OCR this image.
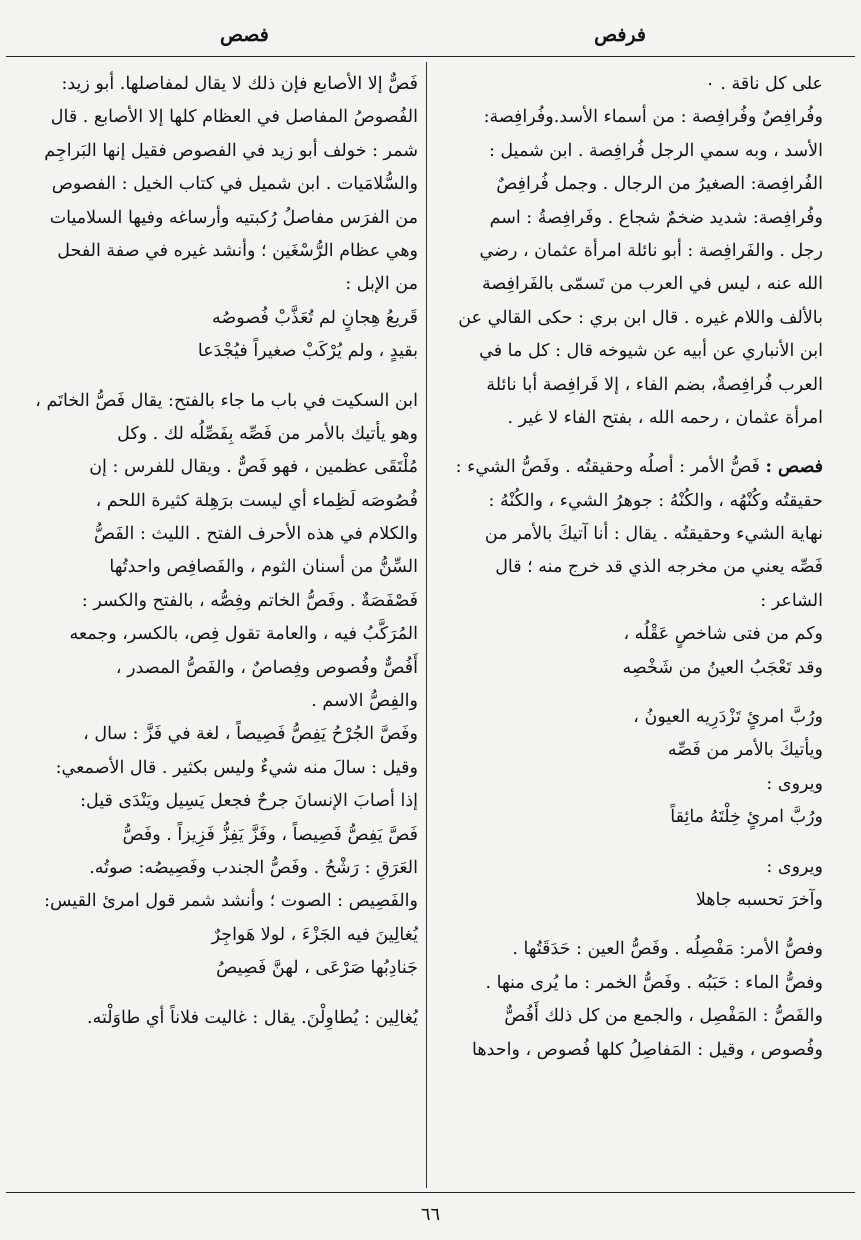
فرفص
فصص
على كل ناقة . ٠
وفُرافِصٌ وفُرافِصة : من أسماء الأسد.وفُرافِصة:
الأسد ، وبه سمي الرجل فُرافِصة . ابن شميل :
الفُرافِصة: الصغيرُ من الرجال . وجمل فُرافِصٌ
وفُرافِصة: شديد ضخمٌ شجاع . وفَرافِصةُ : اسم
رجل . والفَرافِصة : أبو نائلة امرأة عثمان ، رضي
الله عنه ، ليس في العرب من تَسمّى بالفَرافِصة
بالألف واللام غيره . قال ابن بري : حكى القالي عن
ابن الأنباري عن أبيه عن شيوخه قال : كل ما في
العرب فُرافِصةٌ، بضم الفاء ، إلا فَرافِصة أبا نائلة
امرأة عثمان ، رحمه الله ، بفتح الفاء لا غير .
فصص : فَصُّ الأمر : أصلُه وحقيقتُه . وفَصُّ الشيء :
حقيقتُه وكُنْهُه ، والكُنْهُ : جوهرُ الشيء ، والكُنْهُ :
نهاية الشيء وحقيقتُه . يقال : أنا آتيكَ بالأمر من
فَصِّه يعني من مخرجه الذي قد خرج منه ؛ قال
الشاعر :
وكم من فتى شاخصٍ عَقْلُه ،
وقد تَعْجَبُ العينُ من شَخْصِه
ورُبَّ امرئٍ تَزْدَرِيه العيونُ ،
ويأتيكَ بالأمر من فَصِّه
ويروى :
ورُبَّ امرئٍ خِلْتَهُ مائِقاً
ويروى :
وآخرَ تحسبه جاهلا
وفصُّ الأمر: مَفْصِلُه . وفَصُّ العين : حَدَقَتُها .
وفصُّ الماء : حَبَبُه . وفَصُّ الخمر : ما يُرى منها .
والفَصُّ : المَفْصِل ، والجمع من كل ذلك أَفُصٌّ
وفُصوص ، وقيل : المَفاصِلُ كلها فُصوص ، واحدها
فَصٌّ إلا الأصابع فإن ذلك لا يقال لمفاصلها. أبو زيد:
الفُصوصُ المفاصل في العظام كلها إلا الأصابع . قال
شمر : خولف أبو زيد في الفصوص فقيل إنها البَراجِم
والسُّلامَيات . ابن شميل في كتاب الخيل : الفصوص
من الفرَس مفاصلُ رُكبتيه وأرساغه وفيها السلاميات
وهي عظام الرُّسْغَين ؛ وأنشد غيره في صفة الفحل
من الإبل :
قَريعُ هِجانٍ لم تُعَذَّبْ فُصوصُه
بقيدٍ ، ولم يُرْكَبْ صغيراً فيُجْدَعا
ابن السكيت في باب ما جاء بالفتح: يقال فَصُّ الخاتَم ،
وهو يأتيك بالأمر من فَصِّه بِفَصِّلُه لك . وكل
مُلْتَقَى عظمين ، فهو فَصٌّ . ويقال للفرس : إن
فُصُوصَه لَظِماء أي ليست برَهِلة كثيرة اللحم ،
والكلام في هذه الأحرف الفتح . الليث : الفَصُّ
السِّنُّ من أسنان الثوم ، والفَصافِص واحدتُها
فَصْفَصَةٌ . وفَصُّ الخاتم وفِصُّه ، بالفتح والكسر :
المُرَكَّبُ فيه ، والعامة تقول فِص، بالكسر، وجمعه
أَفُصٌّ وفُصوص وفِصاصٌ ، والفَصُّ المصدر ،
والفِصُّ الاسم .
وفَصَّ الجُرْحُ يَفِصُّ فَصِيصاً ، لغة في فَزَّ : سال ،
وقيل : سالَ منه شيءٌ وليس بكثير . قال الأصمعي:
إذا أصابَ الإنسانَ جرحٌ فجعل يَسِيل ويَنْدَى قيل:
فَصَّ يَفِصُّ فَصِيصاً ، وفَزَّ يَفِزُّ فَزِيزاً . وفَصُّ
العَرَقِ : رَشْحُ . وفَصُّ الجندب وفَصِيصُه: صوتُه.
والفَصِيص : الصوت ؛ وأنشد شمر قول امرئ القيس:
يُغالِينَ فيه الجَزْءَ ، لولا هَواجِرٌ
جَنادِبُها صَرْعَى ، لهنَّ فَصِيصُ
يُغالِين : يُطاوِلْنَ. يقال : غاليت فلاناً أي طاوَلْته.
٦٦
